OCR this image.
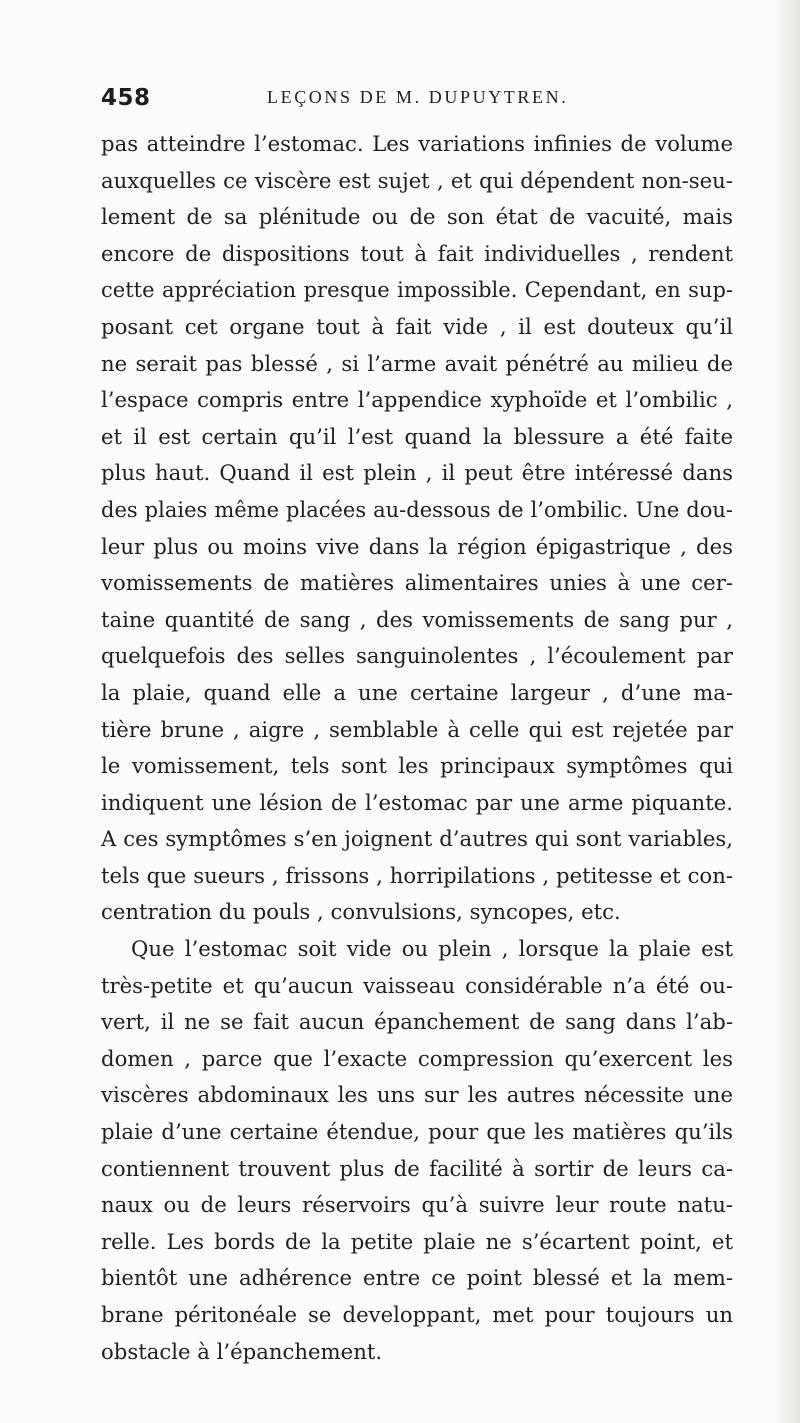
458	LEÇONS DE M. DUPUYTREN.
pas atteindre l’estomac. Les variations infinies de volume
auxquelles ce viscère est sujet , et qui dépendent non-seu-
lement de sa plénitude ou de son état de vacuité, mais
encore de dispositions tout à fait individuelles , rendent
cette appréciation presque impossible. Cependant, en sup-
posant cet organe tout à fait vide , il est douteux qu’il
ne serait pas blessé , si l’arme avait pénétré au milieu de
l’espace compris entre l’appendice xyphoïde et l’ombilic ,
et il est certain qu’il l’est quand la blessure a été faite
plus haut. Quand il est plein , il peut être intéressé dans
des plaies même placées au-dessous de l’ombilic. Une dou-
leur plus ou moins vive dans la région épigastrique , des
vomissements de matières alimentaires unies à une cer-
taine quantité de sang , des vomissements de sang pur ,
quelquefois des selles sanguinolentes , l’écoulement par
la plaie, quand elle a une certaine largeur , d’une ma-
tière brune , aigre , semblable à celle qui est rejetée par
le vomissement, tels sont les principaux symptômes qui
indiquent une lésion de l’estomac par une arme piquante.
A ces symptômes s’en joignent d’autres qui sont variables,
tels que sueurs , frissons , horripilations , petitesse et con-
centration du pouls , convulsions, syncopes, etc.
Que l’estomac soit vide ou plein , lorsque la plaie est
très-petite et qu’aucun vaisseau considérable n’a été ou-
vert, il ne se fait aucun épanchement de sang dans l’ab-
domen , parce que l’exacte compression qu’exercent les
viscères abdominaux les uns sur les autres nécessite une
plaie d’une certaine étendue, pour que les matières qu’ils
contiennent trouvent plus de facilité à sortir de leurs ca-
naux ou de leurs réservoirs qu’à suivre leur route natu-
relle. Les bords de la petite plaie ne s’écartent point, et
bientôt une adhérence entre ce point blessé et la mem-
brane péritonéale se developpant, met pour toujours un
obstacle à l’épanchement.
